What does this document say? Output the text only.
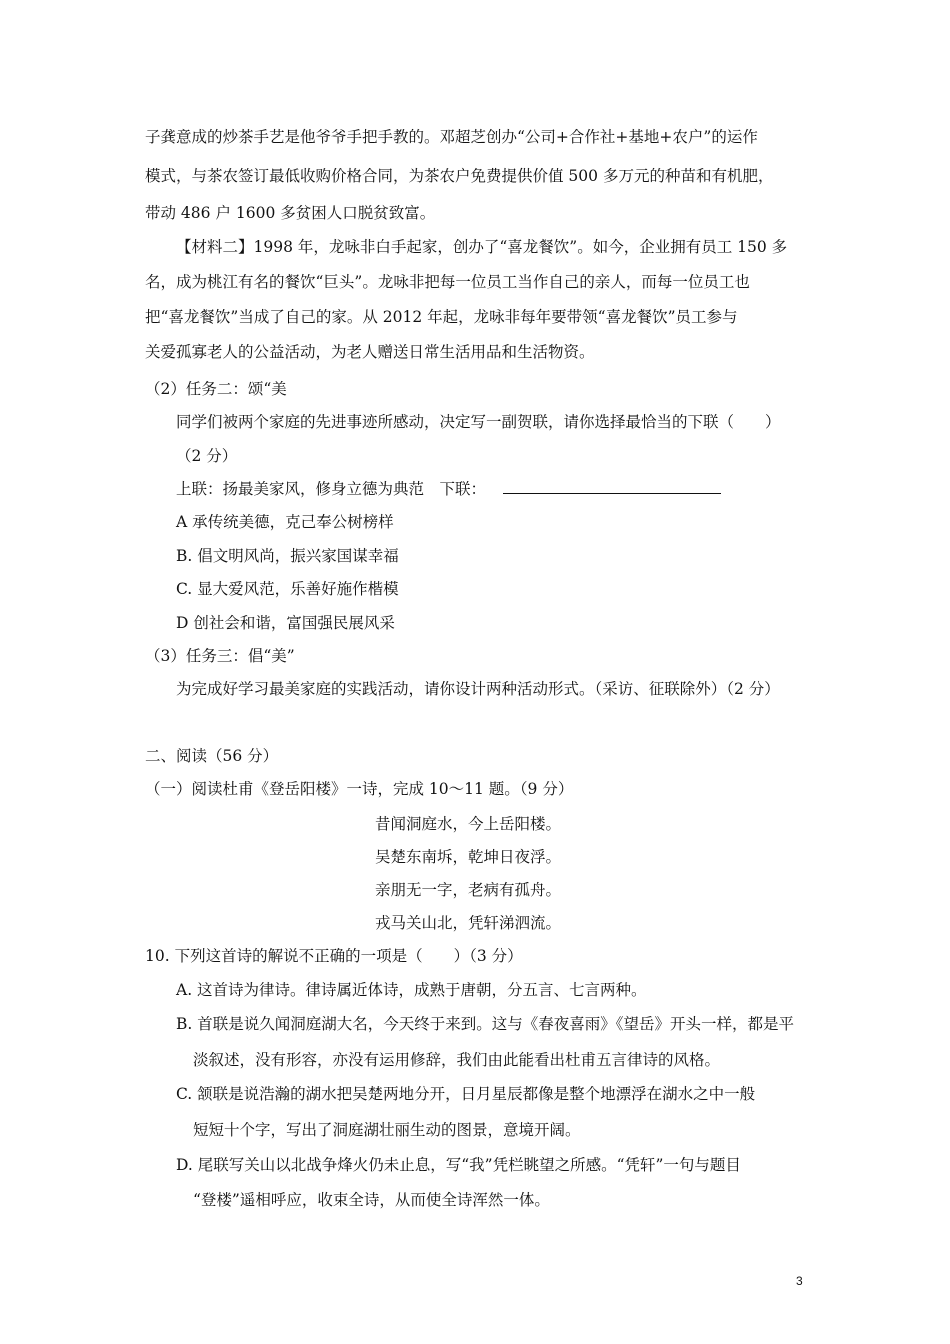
子龚意成的炒茶手艺是他爷爷手把手教的。邓超芝创办“公司+合作社+基地+农户”的运作
模式，与茶农签订最低收购价格合同，为茶农户免费提供价值 500 多万元的种苗和有机肥，
带动 486 户 1600 多贫困人口脱贫致富。
【材料二】1998 年，龙咏非白手起家，创办了“喜龙餐饮”。如今，企业拥有员工 150 多
名，成为桃江有名的餐饮“巨头”。龙咏非把每一位员工当作自己的亲人，而每一位员工也
把“喜龙餐饮”当成了自己的家。从 2012 年起，龙咏非每年要带领“喜龙餐饮”员工参与
关爱孤寡老人的公益活动，为老人赠送日常生活用品和生活物资。
（2）任务二：颂“美
同学们被两个家庭的先进事迹所感动，决定写一副贺联，请你选择最恰当的下联（　　）
（2 分）
上联：扬最美家风，修身立德为典范　下联：
A 承传统美德，克己奉公树榜样
B. 倡文明风尚，振兴家国谋幸福
C. 显大爱风范，乐善好施作楷模
D 创社会和谐，富国强民展风采
（3）任务三：倡“美”
为完成好学习最美家庭的实践活动，请你设计两种活动形式。（采访、征联除外）（2 分）
二、阅读（56 分）
（一）阅读杜甫《登岳阳楼》一诗，完成 10～11 题。（9 分）
昔闻洞庭水，今上岳阳楼。
吴楚东南坼，乾坤日夜浮。
亲朋无一字，老病有孤舟。
戎马关山北，凭轩涕泗流。
10. 下列这首诗的解说不正确的一项是（　　）（3 分）
A. 这首诗为律诗。律诗属近体诗，成熟于唐朝，分五言、七言两种。
B. 首联是说久闻洞庭湖大名，今天终于来到。这与《春夜喜雨》《望岳》开头一样，都是平
淡叙述，没有形容，亦没有运用修辞，我们由此能看出杜甫五言律诗的风格。
C. 颔联是说浩瀚的湖水把吴楚两地分开，日月星辰都像是整个地漂浮在湖水之中一般
短短十个字，写出了洞庭湖壮丽生动的图景，意境开阔。
D. 尾联写关山以北战争烽火仍未止息，写“我”凭栏眺望之所感。“凭轩”一句与题目
“登楼”遥相呼应，收束全诗，从而使全诗浑然一体。
3
